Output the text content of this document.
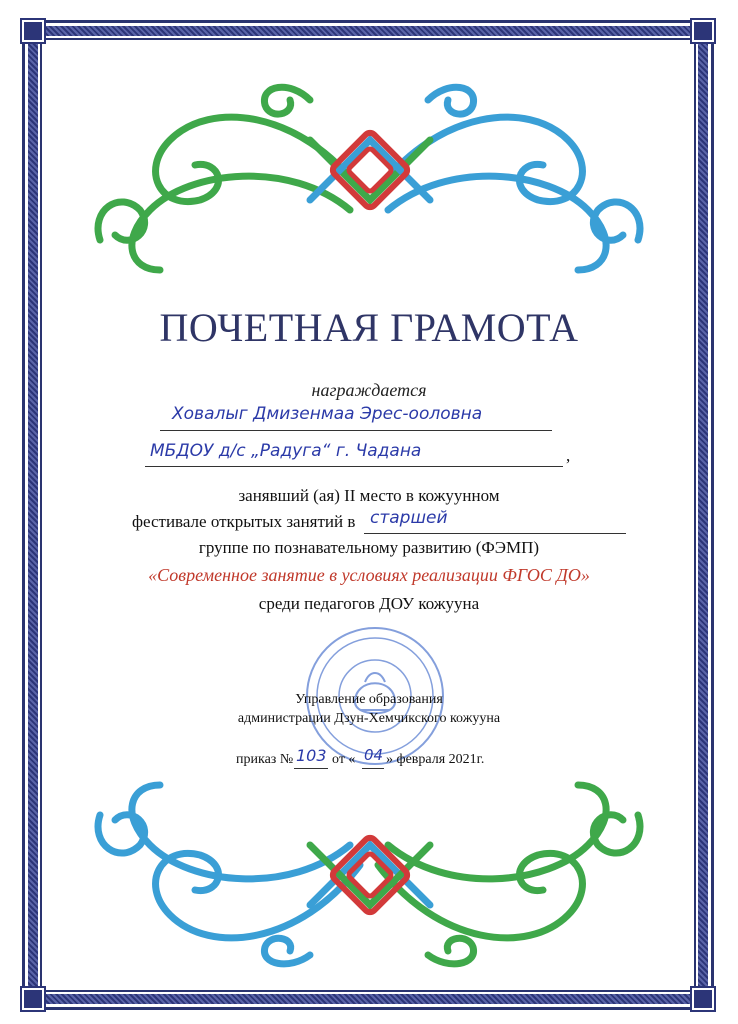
ПОЧЕТНАЯ ГРАМОТА
награждается
Ховалыг Дмизенмаа Эрес-ооловна
МБДОУ д/с „Радуга“ г. Чадана	,
занявший (ая) II место в кожуунном
фестивале открытых занятий в старшей
группе по познавательному развитию (ФЭМП)
«Современное занятие в условиях реализации ФГОС ДО»
среди педагогов ДОУ кожууна
Управление образования
администрации Дзун-Хемчикского кожууна
приказ № 103 от « 04 » февраля 2021г.
